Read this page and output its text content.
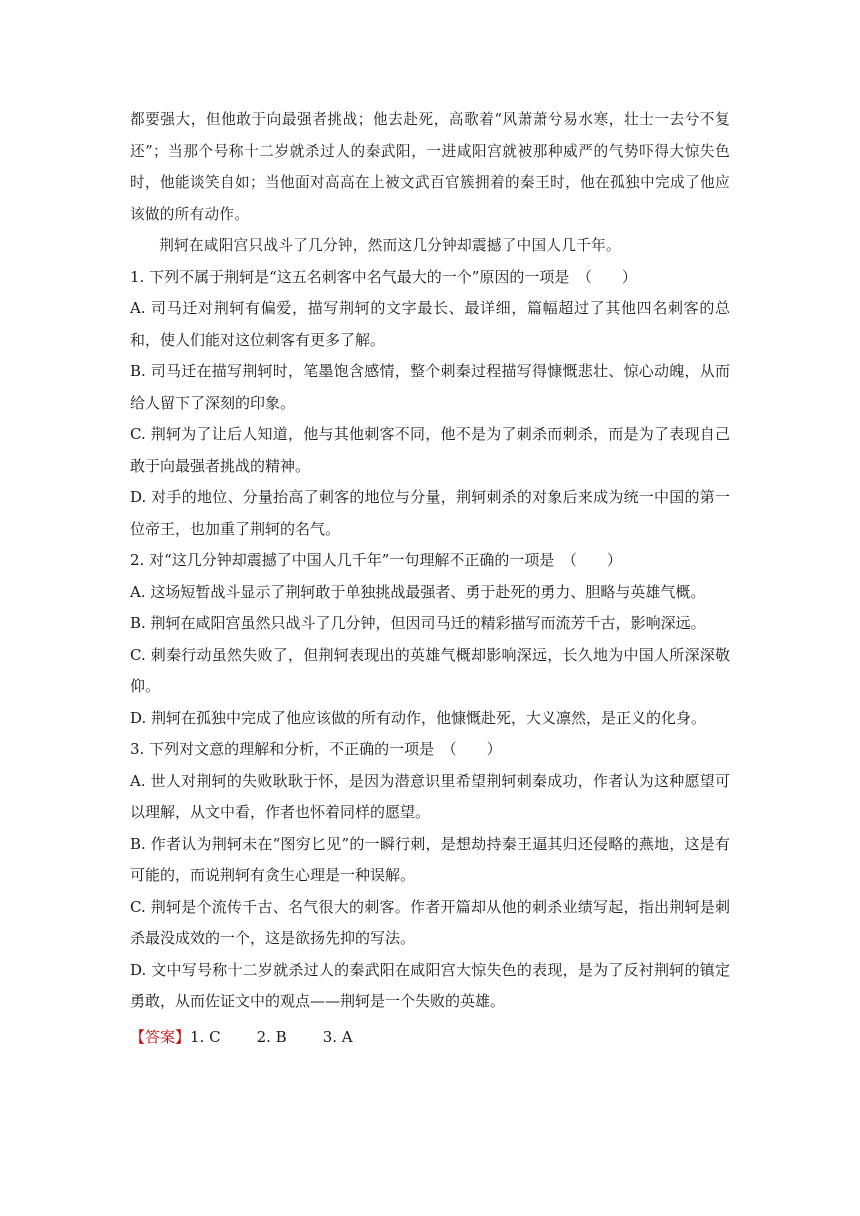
都要强大，但他敢于向最强者挑战；他去赴死，高歌着“风萧萧兮易水寒，壮士一去兮不复还”；当那个号称十二岁就杀过人的秦武阳，一进咸阳宫就被那种威严的气势吓得大惊失色时，他能谈笑自如；当他面对高高在上被文武百官簇拥着的秦王时，他在孤独中完成了他应该做的所有动作。

荆轲在咸阳宫只战斗了几分钟，然而这几分钟却震撼了中国人几千年。

1. 下列不属于荆轲是“这五名刺客中名气最大的一个”原因的一项是　（　　）

A. 司马迁对荆轲有偏爱，描写荆轲的文字最长、最详细，篇幅超过了其他四名刺客的总和，使人们能对这位刺客有更多了解。

B. 司马迁在描写荆轲时，笔墨饱含感情，整个刺秦过程描写得慷慨悲壮、惊心动魄，从而给人留下了深刻的印象。

C. 荆轲为了让后人知道，他与其他刺客不同，他不是为了刺杀而刺杀，而是为了表现自己敢于向最强者挑战的精神。

D. 对手的地位、分量抬高了刺客的地位与分量，荆轲刺杀的对象后来成为统一中国的第一位帝王，也加重了荆轲的名气。

2. 对“这几分钟却震撼了中国人几千年”一句理解不正确的一项是　（　　）

A. 这场短暂战斗显示了荆轲敢于单独挑战最强者、勇于赴死的勇力、胆略与英雄气概。

B. 荆轲在咸阳宫虽然只战斗了几分钟，但因司马迁的精彩描写而流芳千古，影响深远。

C. 刺秦行动虽然失败了，但荆轲表现出的英雄气概却影响深远，长久地为中国人所深深敬仰。

D. 荆轲在孤独中完成了他应该做的所有动作，他慷慨赴死，大义凛然，是正义的化身。

3. 下列对文意的理解和分析，不正确的一项是　（　　）

A. 世人对荆轲的失败耿耿于怀，是因为潜意识里希望荆轲刺秦成功，作者认为这种愿望可以理解，从文中看，作者也怀着同样的愿望。

B. 作者认为荆轲未在“图穷匕见”的一瞬行刺，是想劫持秦王逼其归还侵略的燕地，这是有可能的，而说荆轲有贪生心理是一种误解。

C. 荆轲是个流传千古、名气很大的刺客。作者开篇却从他的刺杀业绩写起，指出荆轲是刺杀最没成效的一个，这是欲扬先抑的写法。

D. 文中写号称十二岁就杀过人的秦武阳在咸阳宫大惊失色的表现，是为了反衬荆轲的镇定勇敢，从而佐证文中的观点——荆轲是一个失败的英雄。

【答案】1. C 2. B 3. A
